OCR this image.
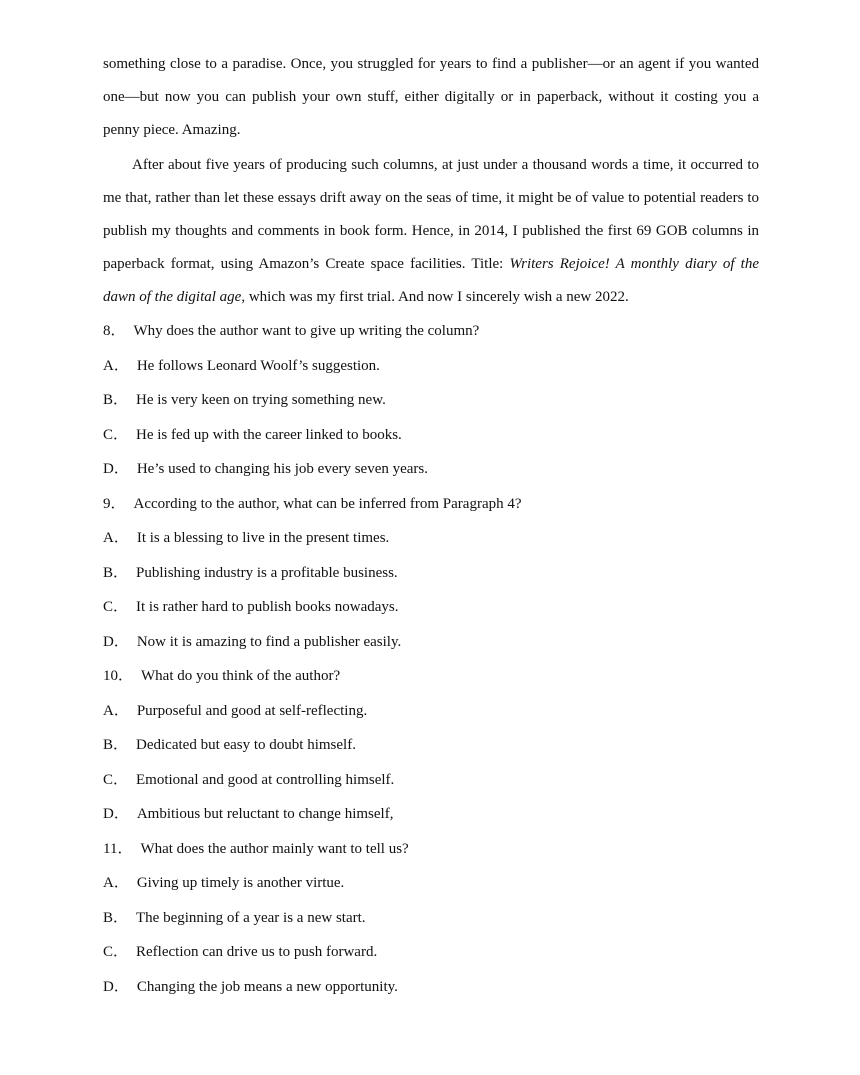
something close to a paradise. Once, you struggled for years to find a publisher—or an agent if you wanted one—but now you can publish your own stuff, either digitally or in paperback, without it costing you a penny piece. Amazing.

After about five years of producing such columns, at just under a thousand words a time, it occurred to me that, rather than let these essays drift away on the seas of time, it might be of value to potential readers to publish my thoughts and comments in book form. Hence, in 2014, I published the first 69 GOB columns in paperback format, using Amazon’s Create space facilities. Title: Writers Rejoice! A monthly diary of the dawn of the digital age, which was my first trial. And now I sincerely wish a new 2022.

8． Why does the author want to give up writing the column?
A． He follows Leonard Woolf’s suggestion.
B． He is very keen on trying something new.
C． He is fed up with the career linked to books.
D． He’s used to changing his job every seven years.
9． According to the author, what can be inferred from Paragraph 4?
A． It is a blessing to live in the present times.
B． Publishing industry is a profitable business.
C． It is rather hard to publish books nowadays.
D． Now it is amazing to find a publisher easily.
10． What do you think of the author?
A． Purposeful and good at self-reflecting.
B． Dedicated but easy to doubt himself.
C． Emotional and good at controlling himself.
D． Ambitious but reluctant to change himself,
11． What does the author mainly want to tell us?
A． Giving up timely is another virtue.
B． The beginning of a year is a new start.
C． Reflection can drive us to push forward.
D． Changing the job means a new opportunity.
